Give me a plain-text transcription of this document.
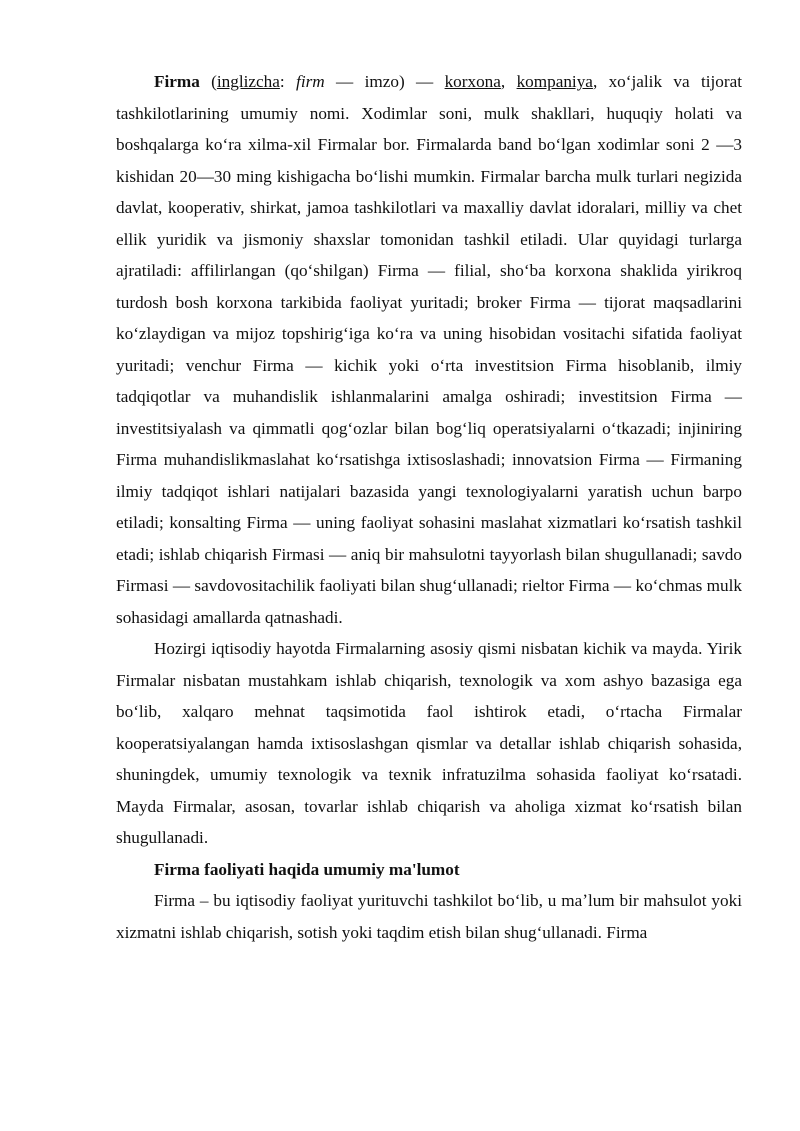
Firma (inglizcha: firm — imzo) — korxona, kompaniya, xoʻjalik va tijorat tashkilotlarining umumiy nomi. Xodimlar soni, mulk shakllari, huquqiy holati va boshqalarga koʻra xilma-xil Firmalar bor. Firmalarda band boʻlgan xodimlar soni 2 —3 kishidan 20—30 ming kishigacha boʻlishi mumkin. Firmalar barcha mulk turlari negizida davlat, kooperativ, shirkat, jamoa tashkilotlari va maxalliy davlat idoralari, milliy va chet ellik yuridik va jismoniy shaxslar tomonidan tashkil etiladi. Ular quyidagi turlarga ajratiladi: affilirlangan (qoʻshilgan) Firma — filial, shoʻba korxona shaklida yirikroq turdosh bosh korxona tarkibida faoliyat yuritadi; broker Firma — tijorat maqsadlarini koʻzlaydigan va mijoz topshirigʻiga koʻra va uning hisobidan vositachi sifatida faoliyat yuritadi; venchur Firma — kichik yoki oʻrta investitsion Firma hisoblanib, ilmiy tadqiqotlar va muhandislik ishlanmalarini amalga oshiradi; investitsion Firma — investitsiyalash va qimmatli qogʻozlar bilan bogʻliq operatsiyalarni oʻtkazadi; injiniring Firma muhandislikmaslahat koʻrsatishga ixtisoslashadi; innovatsion Firma — Firmaning ilmiy tadqiqot ishlari natijalari bazasida yangi texnologiyalarni yaratish uchun barpo etiladi; konsalting Firma — uning faoliyat sohasini maslahat xizmatlari koʻrsatish tashkil etadi; ishlab chiqarish Firmasi — aniq bir mahsulotni tayyorlash bilan shugullanadi; savdo Firmasi — savdovositachilik faoliyati bilan shugʻullanadi; rieltor Firma — koʻchmas mulk sohasidagi amallarda qatnashadi.

Hozirgi iqtisodiy hayotda Firmalarning asosiy qismi nisbatan kichik va mayda. Yirik Firmalar nisbatan mustahkam ishlab chiqarish, texnologik va xom ashyo bazasiga ega boʻlib, xalqaro mehnat taqsimotida faol ishtirok etadi, oʻrtacha Firmalar kooperatsiyalangan hamda ixtisoslashgan qismlar va detallar ishlab chiqarish sohasida, shuningdek, umumiy texnologik va texnik infratuzilma sohasida faoliyat koʻrsatadi. Mayda Firmalar, asosan, tovarlar ishlab chiqarish va aholiga xizmat koʻrsatish bilan shugullanadi.

Firma faoliyati haqida umumiy ma'lumot

Firma – bu iqtisodiy faoliyat yurituvchi tashkilot boʻlib, u maʼlum bir mahsulot yoki xizmatni ishlab chiqarish, sotish yoki taqdim etish bilan shugʻullanadi. Firma
